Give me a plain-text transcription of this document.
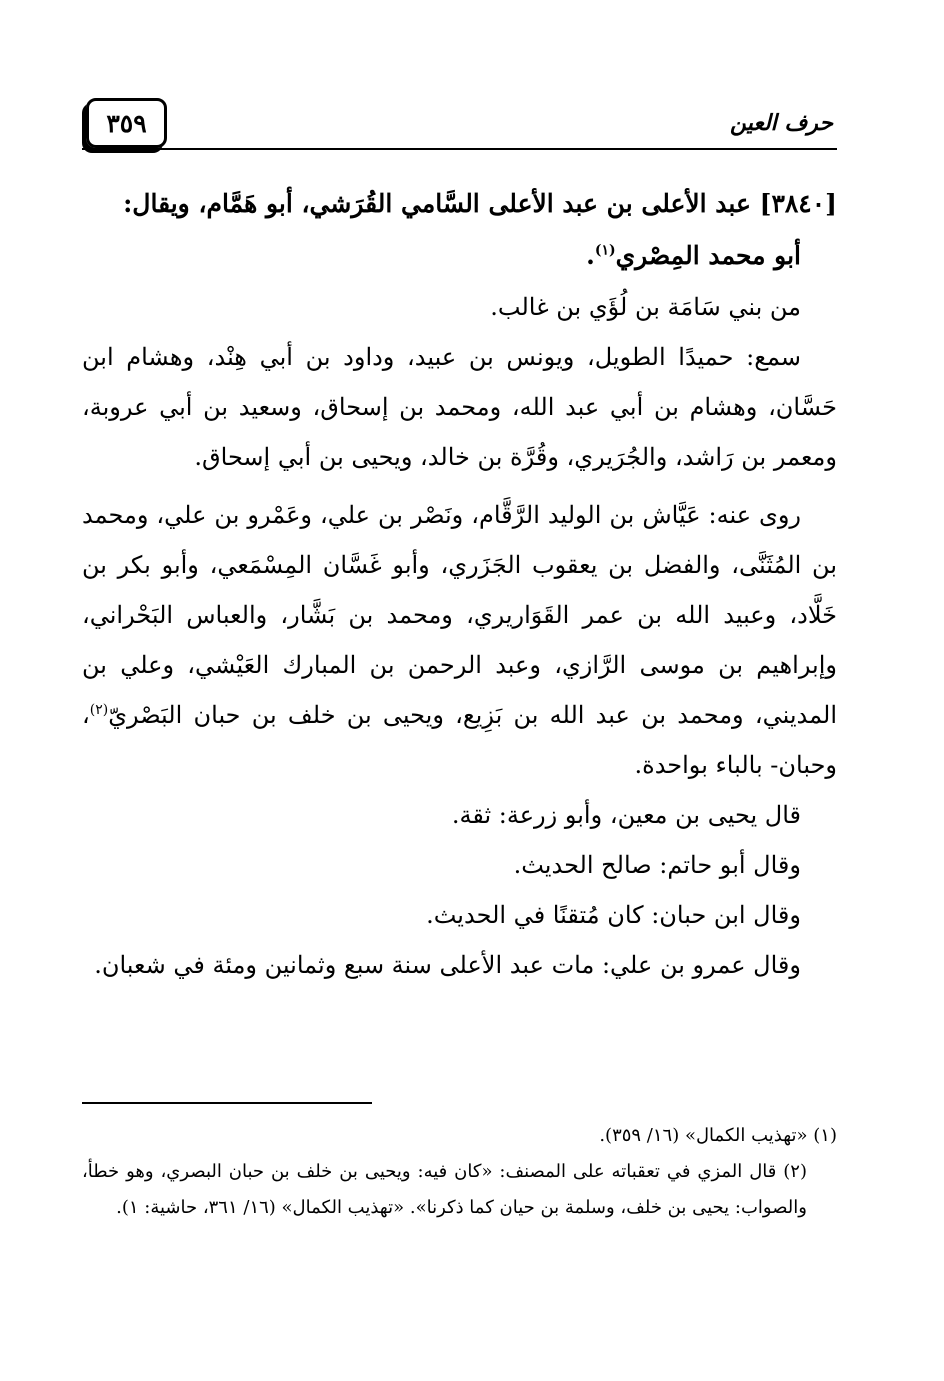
٣٥٩	حرف العين

[٣٨٤٠] عبد الأعلى بن عبد الأعلى السَّامي القُرَشي، أبو هَمَّام، ويقال:
أبو محمد المِصْري$^{(١)}$.

من بني سَامَة بن لُؤَي بن غالب.

سمع: حميدًا الطويل، ويونس بن عبيد، وداود بن أبي هِنْد، وهشام ابن حَسَّان، وهشام بن أبي عبد الله، ومحمد بن إسحاق، وسعيد بن أبي عروبة، ومعمر بن رَاشد، والجُرَيري، وقُرَّة بن خالد، ويحيى بن أبي إسحاق.

روى عنه: عَيَّاش بن الوليد الرَّقَّام، ونَصْر بن علي، وعَمْرو بن علي، ومحمد بن المُثَنَّى، والفضل بن يعقوب الجَزَري، وأبو غَسَّان المِسْمَعي، وأبو بكر بن خَلَّاد، وعبيد الله بن عمر القَوَاريري، ومحمد بن بَشَّار، والعباس البَحْراني، وإبراهيم بن موسى الرَّازي، وعبد الرحمن بن المبارك العَيْشي، وعلي بن المديني، ومحمد بن عبد الله بن بَزِيع، ويحيى بن خلف بن حبان البَصْريّ$^{(٢)}$، وحبان- بالباء بواحدة.

قال يحيى بن معين، وأبو زرعة: ثقة.

وقال أبو حاتم: صالح الحديث.

وقال ابن حبان: كان مُتقنًا في الحديث.

وقال عمرو بن علي: مات عبد الأعلى سنة سبع وثمانين ومئة في شعبان.

(١) «تهذيب الكمال» (١٦/ ٣٥٩).

(٢) قال المزي في تعقباته على المصنف: «كان فيه: ويحيى بن خلف بن حبان البصري، وهو خطأ، والصواب: يحيى بن خلف، وسلمة بن حيان كما ذكرنا». «تهذيب الكمال» (١٦/ ٣٦١، حاشية: ١).
